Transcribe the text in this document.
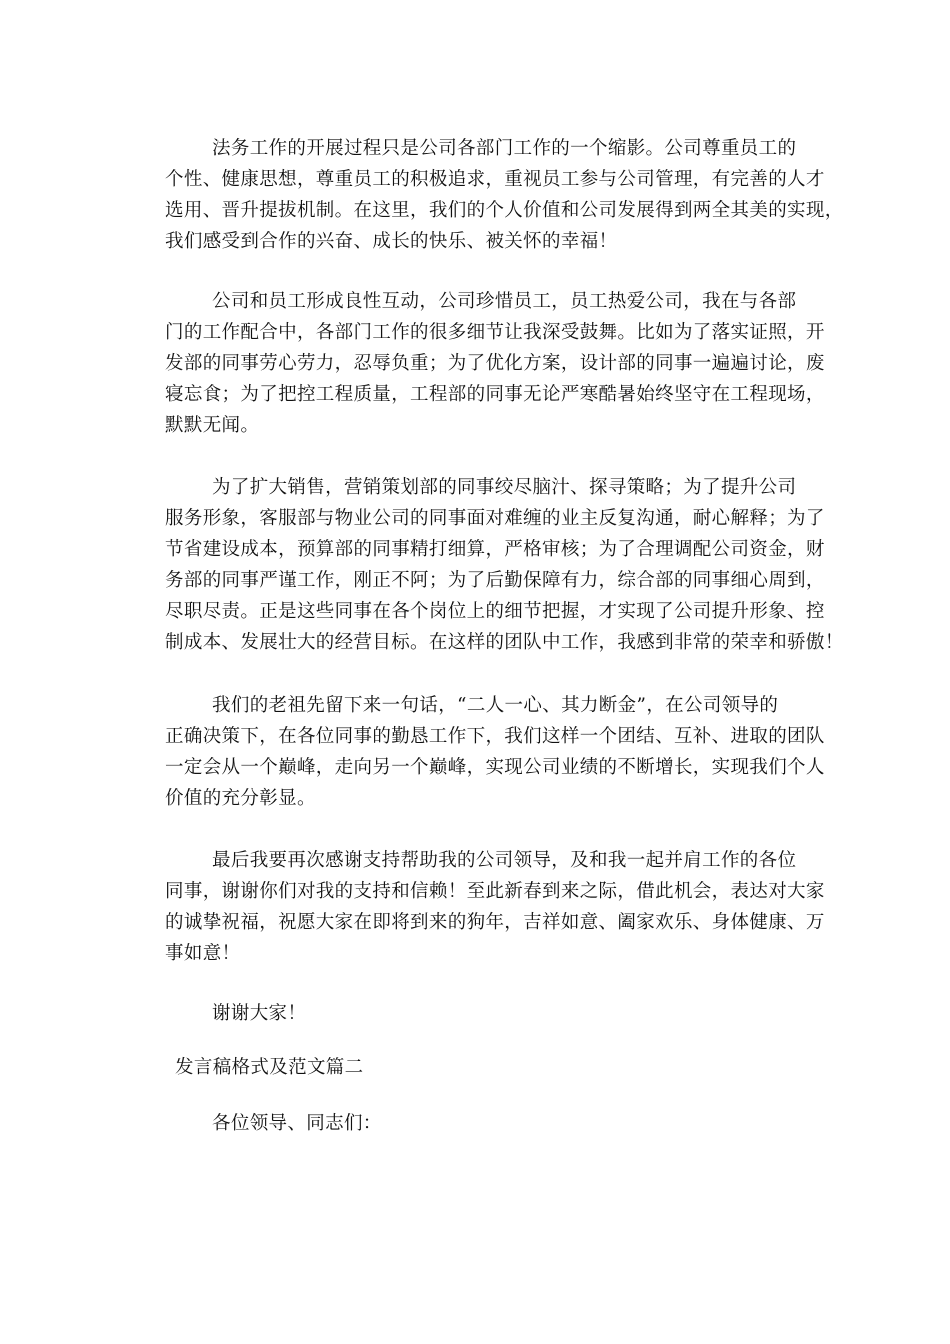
法务工作的开展过程只是公司各部门工作的一个缩影。公司尊重员工的
个性、健康思想，尊重员工的积极追求，重视员工参与公司管理，有完善的人才
选用、晋升提拔机制。在这里，我们的个人价值和公司发展得到两全其美的实现，
我们感受到合作的兴奋、成长的快乐、被关怀的幸福！
公司和员工形成良性互动，公司珍惜员工，员工热爱公司，我在与各部
门的工作配合中，各部门工作的很多细节让我深受鼓舞。比如为了落实证照，开
发部的同事劳心劳力，忍辱负重；为了优化方案，设计部的同事一遍遍讨论，废
寝忘食；为了把控工程质量，工程部的同事无论严寒酷暑始终坚守在工程现场，
默默无闻。
为了扩大销售，营销策划部的同事绞尽脑汁、探寻策略；为了提升公司
服务形象，客服部与物业公司的同事面对难缠的业主反复沟通，耐心解释；为了
节省建设成本，预算部的同事精打细算，严格审核；为了合理调配公司资金，财
务部的同事严谨工作，刚正不阿；为了后勤保障有力，综合部的同事细心周到，
尽职尽责。正是这些同事在各个岗位上的细节把握，才实现了公司提升形象、控
制成本、发展壮大的经营目标。在这样的团队中工作，我感到非常的荣幸和骄傲！
我们的老祖先留下来一句话，“二人一心、其力断金”，在公司领导的
正确决策下，在各位同事的勤恳工作下，我们这样一个团结、互补、进取的团队
一定会从一个巅峰，走向另一个巅峰，实现公司业绩的不断增长，实现我们个人
价值的充分彰显。
最后我要再次感谢支持帮助我的公司领导，及和我一起并肩工作的各位
同事，谢谢你们对我的支持和信赖！至此新春到来之际，借此机会，表达对大家
的诚挚祝福，祝愿大家在即将到来的狗年，吉祥如意、阖家欢乐、身体健康、万
事如意！
谢谢大家！
发言稿格式及范文篇二
各位领导、同志们：
